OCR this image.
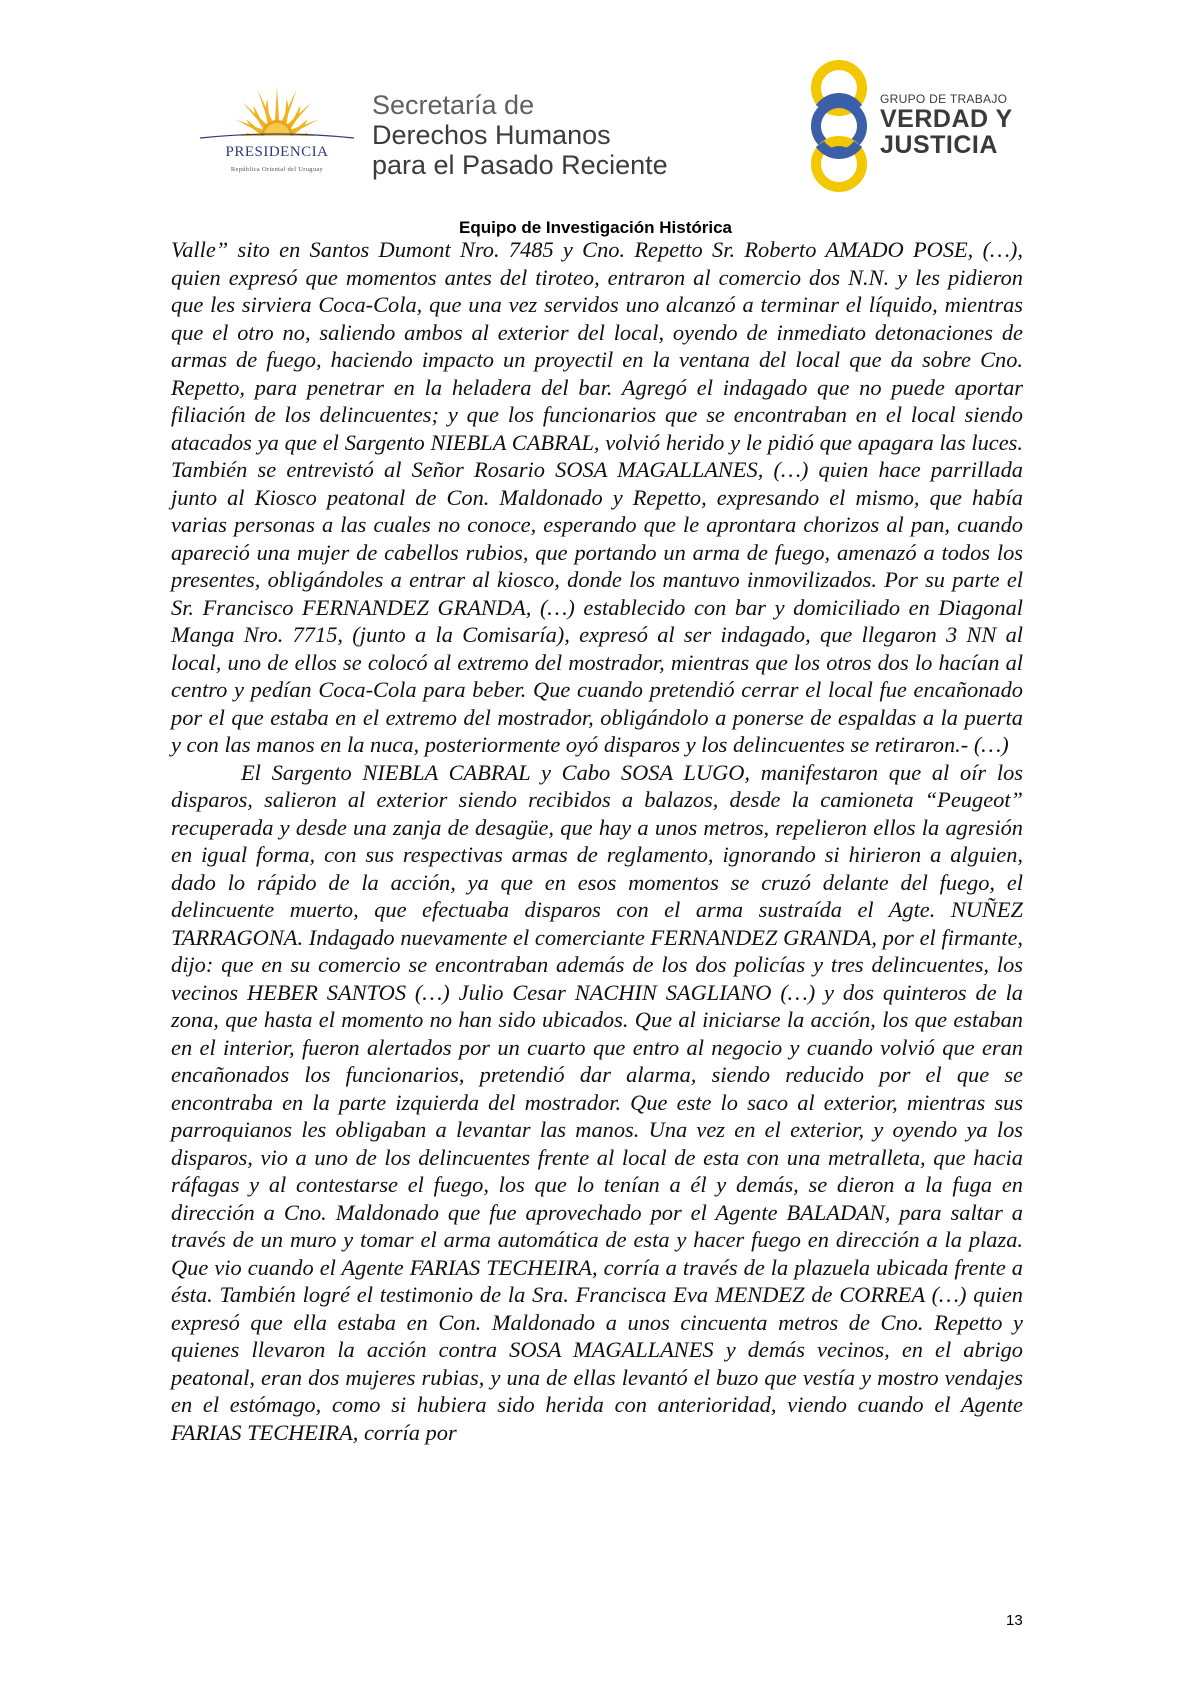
PRESIDENCIA
República Oriental del Uruguay
Secretaría de
Derechos Humanos
para el Pasado Reciente
GRUPO DE TRABAJO
VERDAD Y
JUSTICIA
Equipo de Investigación Histórica

Valle” sito en Santos Dumont Nro. 7485 y Cno. Repetto Sr. Roberto AMADO POSE, (…), quien expresó que momentos antes del tiroteo, entraron al comercio dos N.N. y les pidieron que les sirviera Coca-Cola, que una vez servidos uno alcanzó a terminar el líquido, mientras que el otro no, saliendo ambos al exterior del local, oyendo de inmediato detonaciones de armas de fuego, haciendo impacto un proyectil en la ventana del local que da sobre Cno. Repetto, para penetrar en la heladera del bar. Agregó el indagado que no puede aportar filiación de los delincuentes; y que los funcionarios que se encontraban en el local siendo atacados ya que el Sargento NIEBLA CABRAL, volvió herido y le pidió que apagara las luces. También se entrevistó al Señor Rosario SOSA MAGALLANES, (…) quien hace parrillada junto al Kiosco peatonal de Con. Maldonado y Repetto, expresando el mismo, que había varias personas a las cuales no conoce, esperando que le aprontara chorizos al pan, cuando apareció una mujer de cabellos rubios, que portando un arma de fuego, amenazó a todos los presentes, obligándoles a entrar al kiosco, donde los mantuvo inmovilizados. Por su parte el Sr. Francisco FERNANDEZ GRANDA, (…) establecido con bar y domiciliado en Diagonal Manga Nro. 7715, (junto a la Comisaría), expresó al ser indagado, que llegaron 3 NN al local, uno de ellos se colocó al extremo del mostrador, mientras que los otros dos lo hacían al centro y pedían Coca-Cola para beber. Que cuando pretendió cerrar el local fue encañonado por el que estaba en el extremo del mostrador, obligándolo a ponerse de espaldas a la puerta y con las manos en la nuca, posteriormente oyó disparos y los delincuentes se retiraron.- (…)

El Sargento NIEBLA CABRAL y Cabo SOSA LUGO, manifestaron que al oír los disparos, salieron al exterior siendo recibidos a balazos, desde la camioneta “Peugeot” recuperada y desde una zanja de desagüe, que hay a unos metros, repelieron ellos la agresión en igual forma, con sus respectivas armas de reglamento, ignorando si hirieron a alguien, dado lo rápido de la acción, ya que en esos momentos se cruzó delante del fuego, el delincuente muerto, que efectuaba disparos con el arma sustraída el Agte. NUÑEZ TARRAGONA. Indagado nuevamente el comerciante FERNANDEZ GRANDA, por el firmante, dijo: que en su comercio se encontraban además de los dos policías y tres delincuentes, los vecinos HEBER SANTOS (…) Julio Cesar NACHIN SAGLIANO (…) y dos quinteros de la zona, que hasta el momento no han sido ubicados. Que al iniciarse la acción, los que estaban en el interior, fueron alertados por un cuarto que entro al negocio y cuando volvió que eran encañonados los funcionarios, pretendió dar alarma, siendo reducido por el que se encontraba en la parte izquierda del mostrador. Que este lo saco al exterior, mientras sus parroquianos les obligaban a levantar las manos. Una vez en el exterior, y oyendo ya los disparos, vio a uno de los delincuentes frente al local de esta con una metralleta, que hacia ráfagas y al contestarse el fuego, los que lo tenían a él y demás, se dieron a la fuga en dirección a Cno. Maldonado que fue aprovechado por el Agente BALADAN, para saltar a través de un muro y tomar el arma automática de esta y hacer fuego en dirección a la plaza. Que vio cuando el Agente FARIAS TECHEIRA, corría a través de la plazuela ubicada frente a ésta. También logré el testimonio de la Sra. Francisca Eva MENDEZ de CORREA (…) quien expresó que ella estaba en Con. Maldonado a unos cincuenta metros de Cno. Repetto y quienes llevaron la acción contra SOSA MAGALLANES y demás vecinos, en el abrigo peatonal, eran dos mujeres rubias, y una de ellas levantó el buzo que vestía y mostro vendajes en el estómago, como si hubiera sido herida con anterioridad, viendo cuando el Agente FARIAS TECHEIRA, corría por

13
